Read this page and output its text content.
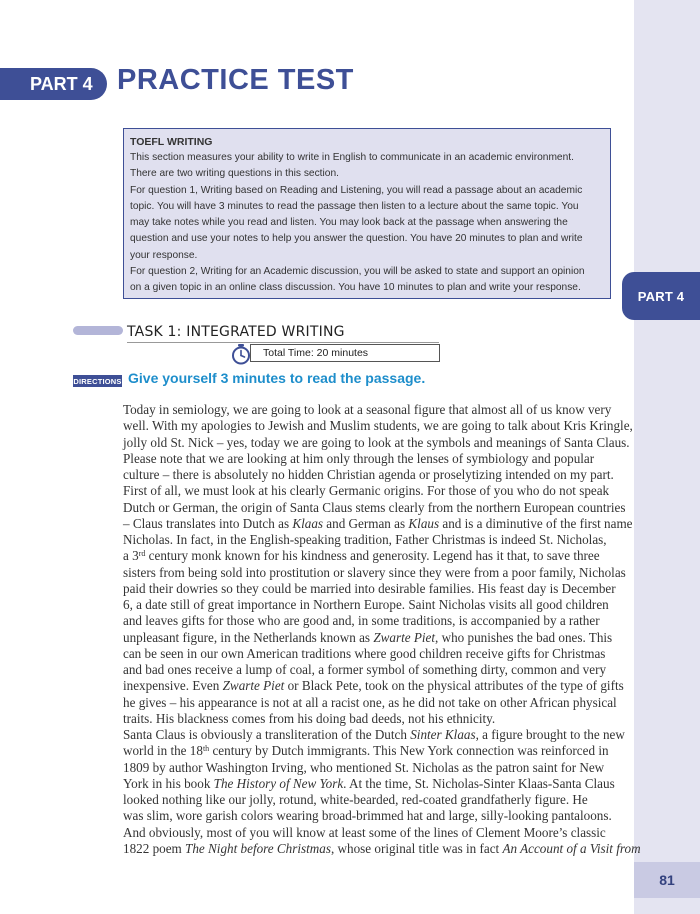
PART 4
81
PART 4 PRACTICE TEST
TOEFL WRITING
This section measures your ability to write in English to communicate in an academic environment.
There are two writing questions in this section.
For question 1, Writing based on Reading and Listening, you will read a passage about an academic
topic. You will have 3 minutes to read the passage then listen to a lecture about the same topic. You
may take notes while you read and listen. You may look back at the passage when answering the
question and use your notes to help you answer the question. You have 20 minutes to plan and write
your response.
For question 2, Writing for an Academic discussion, you will be asked to state and support an opinion
on a given topic in an online class discussion. You have 10 minutes to plan and write your response.
TASK 1: INTEGRATED WRITING
Total Time: 20 minutes
DIRECTIONS Give yourself 3 minutes to read the passage.

Today in semiology, we are going to look at a seasonal figure that almost all of us know very

well. With my apologies to Jewish and Muslim students, we are going to talk about Kris Kringle,

jolly old St. Nick – yes, today we are going to look at the symbols and meanings of Santa Claus.

Please note that we are looking at him only through the lenses of symbiology and popular

culture – there is absolutely no hidden Christian agenda or proselytizing intended on my part.

First of all, we must look at his clearly Germanic origins. For those of you who do not speak

Dutch or German, the origin of Santa Claus stems clearly from the northern European countries

– Claus translates into Dutch as Klaas and German as Klaus and is a diminutive of the first name

Nicholas. In fact, in the English-speaking tradition, Father Christmas is indeed St. Nicholas,

a 3rd century monk known for his kindness and generosity. Legend has it that, to save three

sisters from being sold into prostitution or slavery since they were from a poor family, Nicholas

paid their dowries so they could be married into desirable families. His feast day is December

6, a date still of great importance in Northern Europe. Saint Nicholas visits all good children

and leaves gifts for those who are good and, in some traditions, is accompanied by a rather

unpleasant figure, in the Netherlands known as Zwarte Piet, who punishes the bad ones. This

can be seen in our own American traditions where good children receive gifts for Christmas

and bad ones receive a lump of coal, a former symbol of something dirty, common and very

inexpensive. Even Zwarte Piet or Black Pete, took on the physical attributes of the type of gifts

he gives – his appearance is not at all a racist one, as he did not take on other African physical

traits. His blackness comes from his doing bad deeds, not his ethnicity.

Santa Claus is obviously a transliteration of the Dutch Sinter Klaas, a figure brought to the new

world in the 18th century by Dutch immigrants. This New York connection was reinforced in

1809 by author Washington Irving, who mentioned St. Nicholas as the patron saint for New

York in his book The History of New York. At the time, St. Nicholas-Sinter Klaas-Santa Claus

looked nothing like our jolly, rotund, white-bearded, red-coated grandfatherly figure. He

was slim, wore garish colors wearing broad-brimmed hat and large, silly-looking pantaloons.

And obviously, most of you will know at least some of the lines of Clement Moore’s classic

1822 poem The Night before Christmas, whose original title was in fact An Account of a Visit from
